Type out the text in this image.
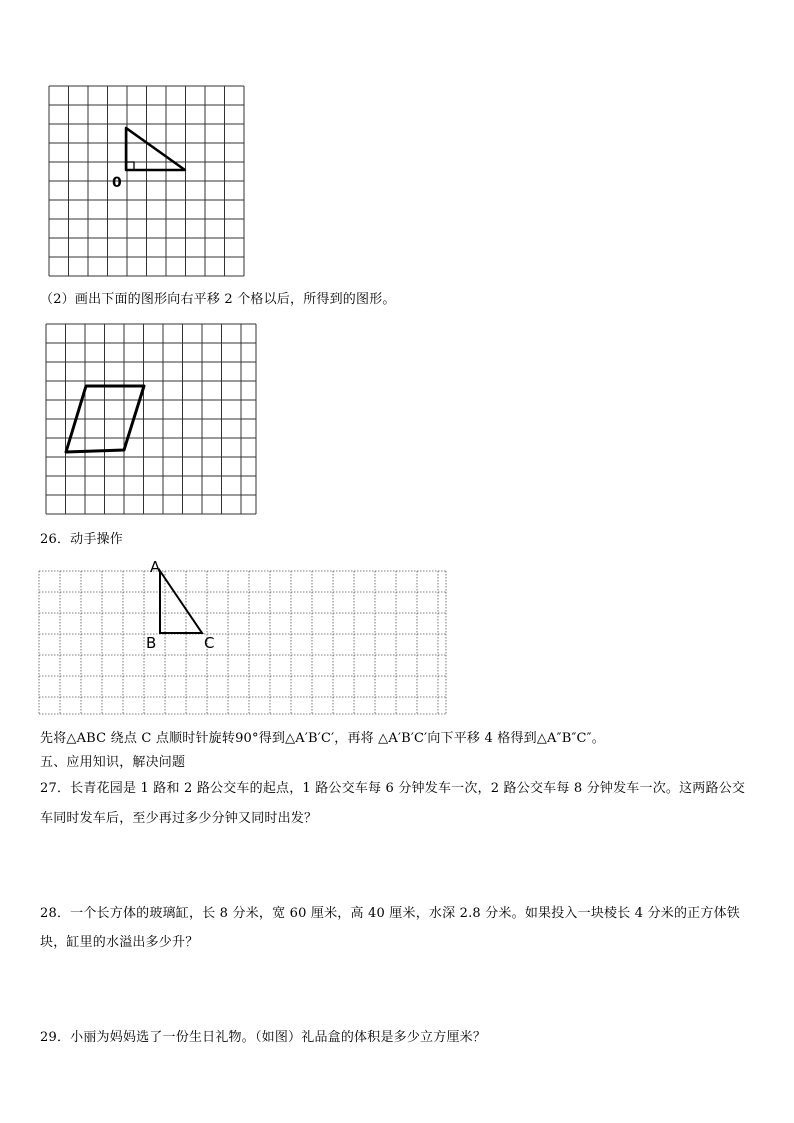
0
（2）画出下面的图形向右平移 2 个格以后，所得到的图形。
26．动手操作
A
B	C
先将△ABC 绕点 C 点顺时针旋转90°得到△A′B′C′，再将 △A′B′C′向下平移 4 格得到△A″B″C″。
五、应用知识，解决问题
27．长青花园是 1 路和 2 路公交车的起点，1 路公交车每 6 分钟发车一次，2 路公交车每 8 分钟发车一次。这两路公交
车同时发车后，至少再过多少分钟又同时出发？
28．一个长方体的玻璃缸，长 8 分米，宽 60 厘米，高 40 厘米，水深 2.8 分米。如果投入一块棱长 4 分米的正方体铁
块，缸里的水溢出多少升？
29．小丽为妈妈选了一份生日礼物。（如图）礼品盒的体积是多少立方厘米？
